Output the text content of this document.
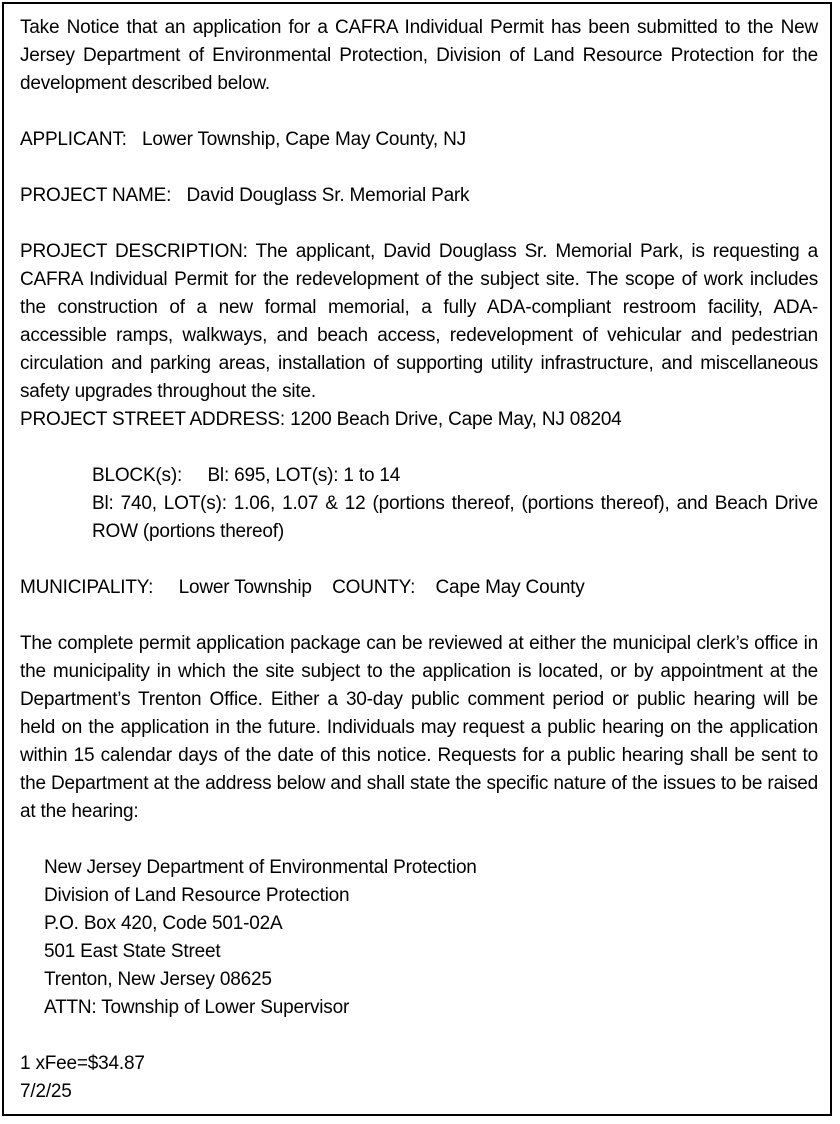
Take Notice that an application for a CAFRA Individual Permit has been submitted to the New Jersey Department of Environmental Protection, Division of Land Resource Protection for the development described below.

APPLICANT: Lower Township, Cape May County, NJ

PROJECT NAME: David Douglass Sr. Memorial Park

PROJECT DESCRIPTION: The applicant, David Douglass Sr. Memorial Park, is requesting a CAFRA Individual Permit for the redevelopment of the subject site. The scope of work includes the construction of a new formal memorial, a fully ADA-compliant restroom facility, ADA-accessible ramps, walkways, and beach access, redevelopment of vehicular and pedestrian circulation and parking areas, installation of supporting utility infrastructure, and miscellaneous safety upgrades throughout the site.

PROJECT STREET ADDRESS: 1200 Beach Drive, Cape May, NJ 08204

BLOCK(s): Bl: 695, LOT(s): 1 to 14
Bl: 740, LOT(s): 1.06, 1.07 & 12 (portions thereof, (portions thereof), and Beach Drive ROW (portions thereof)

MUNICIPALITY: Lower Township COUNTY: Cape May County

The complete permit application package can be reviewed at either the municipal clerk’s office in the municipality in which the site subject to the application is located, or by appointment at the Department’s Trenton Office. Either a 30-day public comment period or public hearing will be held on the application in the future. Individuals may request a public hearing on the application within 15 calendar days of the date of this notice. Requests for a public hearing shall be sent to the Department at the address below and shall state the specific nature of the issues to be raised at the hearing:

New Jersey Department of Environmental Protection
Division of Land Resource Protection
P.O. Box 420, Code 501-02A
501 East State Street
Trenton, New Jersey 08625
ATTN: Township of Lower Supervisor
1 xFee=$34.87
7/2/25
